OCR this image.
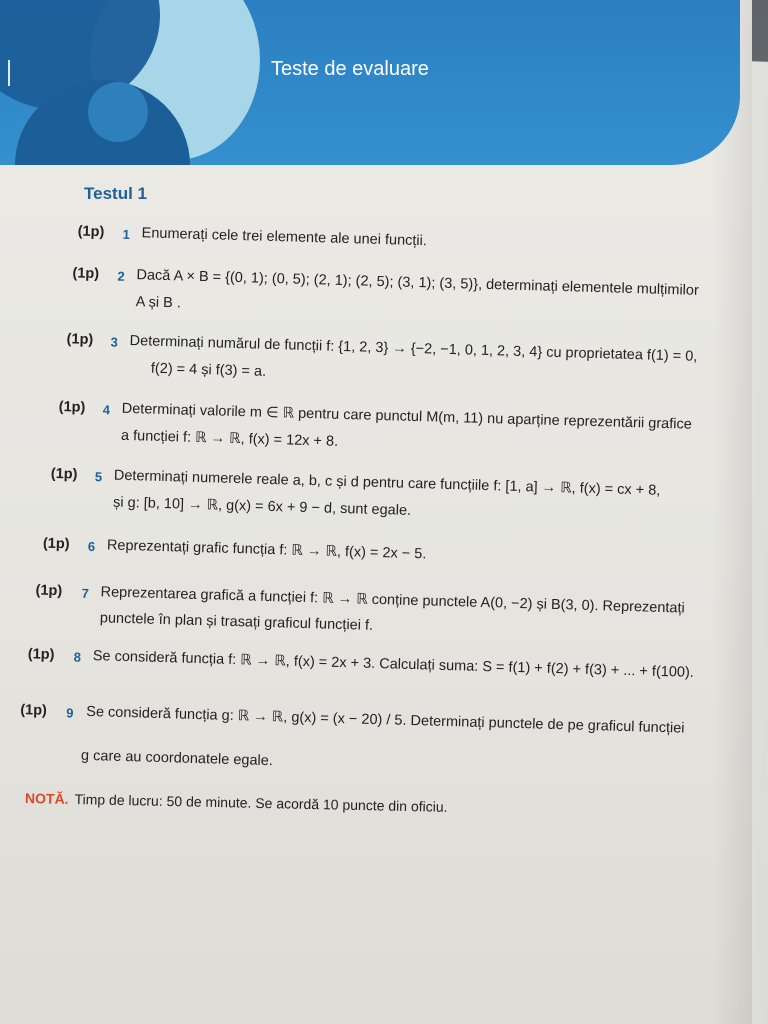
Teste de evaluare
Testul 1
(1p) 1 Enumerați cele trei elemente ale unei funcții.
(1p) 2 Dacă A × B = {(0, 1); (0, 5); (2, 1); (2, 5); (3, 1); (3, 5)}, determinați elementele mulțimilor
A și B .
(1p) 3 Determinați numărul de funcții f: {1, 2, 3} → {−2, −1, 0, 1, 2, 3, 4} cu proprietatea f(1) = 0,
f(2) = 4 și f(3) = a.
(1p) 4 Determinați valorile m ∈ ℝ pentru care punctul M(m, 11) nu aparține reprezentării grafice
a funcției f: ℝ → ℝ, f(x) = 12x + 8.
(1p) 5 Determinați numerele reale a, b, c și d pentru care funcțiile f: [1, a] → ℝ, f(x) = cx + 8,
și g: [b, 10] → ℝ, g(x) = 6x + 9 − d, sunt egale.
(1p) 6 Reprezentați grafic funcția f: ℝ → ℝ, f(x) = 2x − 5.
(1p) 7 Reprezentarea grafică a funcției f: ℝ → ℝ conține punctele A(0, −2) și B(3, 0). Reprezentați
punctele în plan și trasați graficul funcției f.
(1p) 8 Se consideră funcția f: ℝ → ℝ, f(x) = 2x + 3. Calculați suma: S = f(1) + f(2) + f(3) + ... + f(100).
(1p) 9 Se consideră funcția g: ℝ → ℝ, g(x) = (x − 20) / 5. Determinați punctele de pe graficul funcției
g care au coordonatele egale.
NOTĂ. Timp de lucru: 50 de minute. Se acordă 10 puncte din oficiu.
